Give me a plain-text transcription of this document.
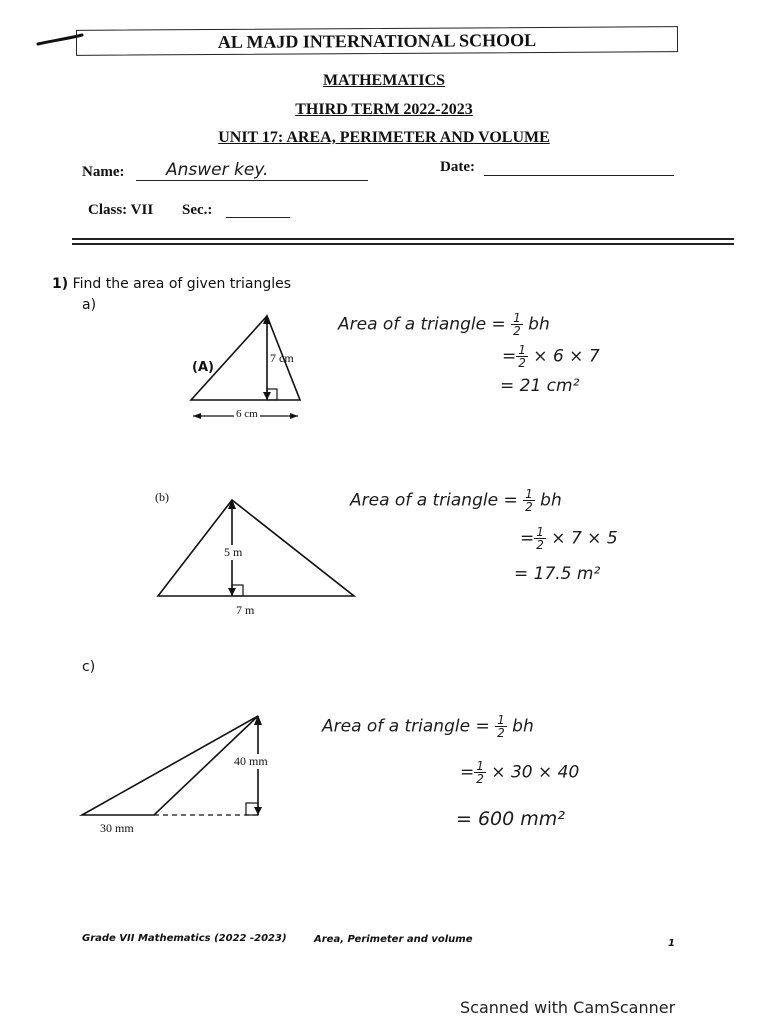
AL MAJD INTERNATIONAL SCHOOL
MATHEMATICS
THIRD TERM 2022-2023
UNIT 17: AREA, PERIMETER AND VOLUME
Name: Answer key.	Date:
Class: VII Sec.:
1) Find the area of given triangles
a)
(A)
7 cm
6 cm
Area of a triangle = $\frac{1}{2}$ bh
= $\frac{1}{2} \times 6 \times 7$
= 21 cm²
(b)
5 m
7 m
Area of a triangle = $\frac{1}{2}$ bh
= $\frac{1}{2} \times 7 \times 5$
= 17.5 m²
c)
40 mm
30 mm
Area of a triangle = $\frac{1}{2}$ bh
= $\frac{1}{2} \times 30 \times 40$
= 600 mm²
Grade VII Mathematics (2022 -2023)	Area, Perimeter and volume	1
Scanned with CamScanner
